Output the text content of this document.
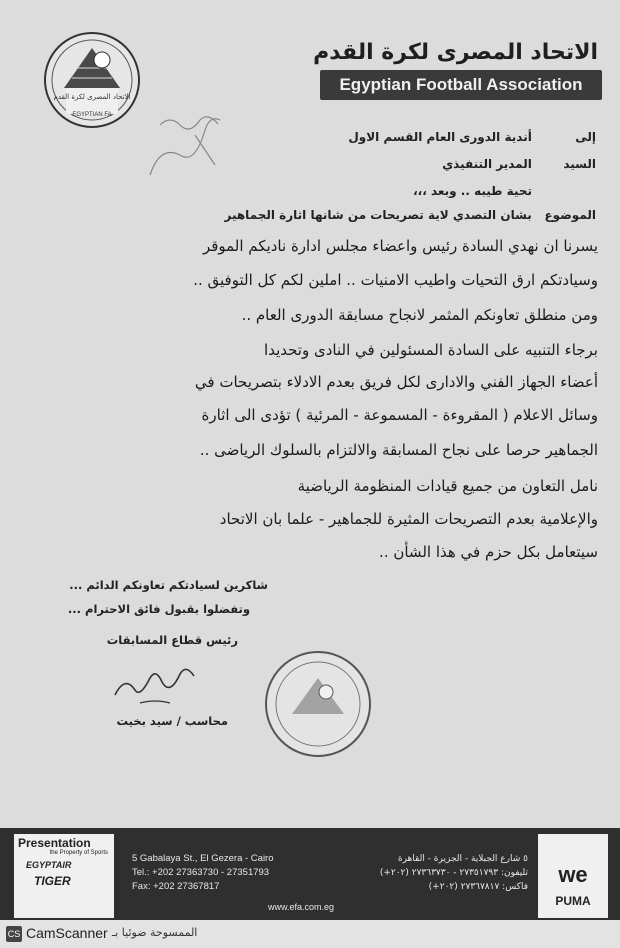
الاتحاد المصرى لكرة القدم
EGYPTIAN FA
الاتحاد المصرى لكرة القدم
Egyptian Football Association
إلى أندية الدورى العام القسم الاول
السيد المدير التنفيذي
تحية طيبه .. وبعد ،،،
الموضوع بشان التصدي لاية تصريحات من شانها اثارة الجماهير
يسرنا ان نهدي السادة رئيس واعضاء مجلس ادارة ناديكم الموقر
وسيادتكم ارق التحيات واطيب الامنيات .. املين لكم كل التوفيق ..
ومن منطلق تعاونكم المثمر لانجاح مسابقة الدورى العام ..
برجاء التنبيه على السادة المسئولين في النادى وتحديدا
أعضاء الجهاز الفني والادارى لكل فريق بعدم الادلاء بتصريحات في
وسائل الاعلام ( المقروءة - المسموعة - المرئية ) تؤدى الى اثارة
الجماهير حرصا على نجاح المسابقة والالتزام بالسلوك الرياضى ..
نامل التعاون من جميع قيادات المنظومة الرياضية
والإعلامية بعدم التصريحات المثيرة للجماهير - علما بان الاتحاد
سيتعامل بكل حزم في هذا الشأن ..
شاكرين لسيادتكم تعاونكم الدائم ...
وتفضلوا بقبول فائق الاحترام ...
رئيس قطاع المسابقات
محاسب / سيد بخيت
Presentation
the Property of Sports
EGYPTAIR
TIGER
5 Gabalaya St., El Gezera - Cairo
Tel.: +202 27363730 - 27351793
Fax: +202 27367817
٥ شارع الجبلاية - الجزيرة - القاهرة
تليفون: ٢٧٣٥١٧٩٣ - ٢٧٣٦٣٧٣٠ (٢٠٢+)
فاكس: ٢٧٣٦٧٨١٧ (٢٠٢+)
www.efa.com.eg
we
PUMA
CS CamScanner الممسوحة ضوئيا بـ
